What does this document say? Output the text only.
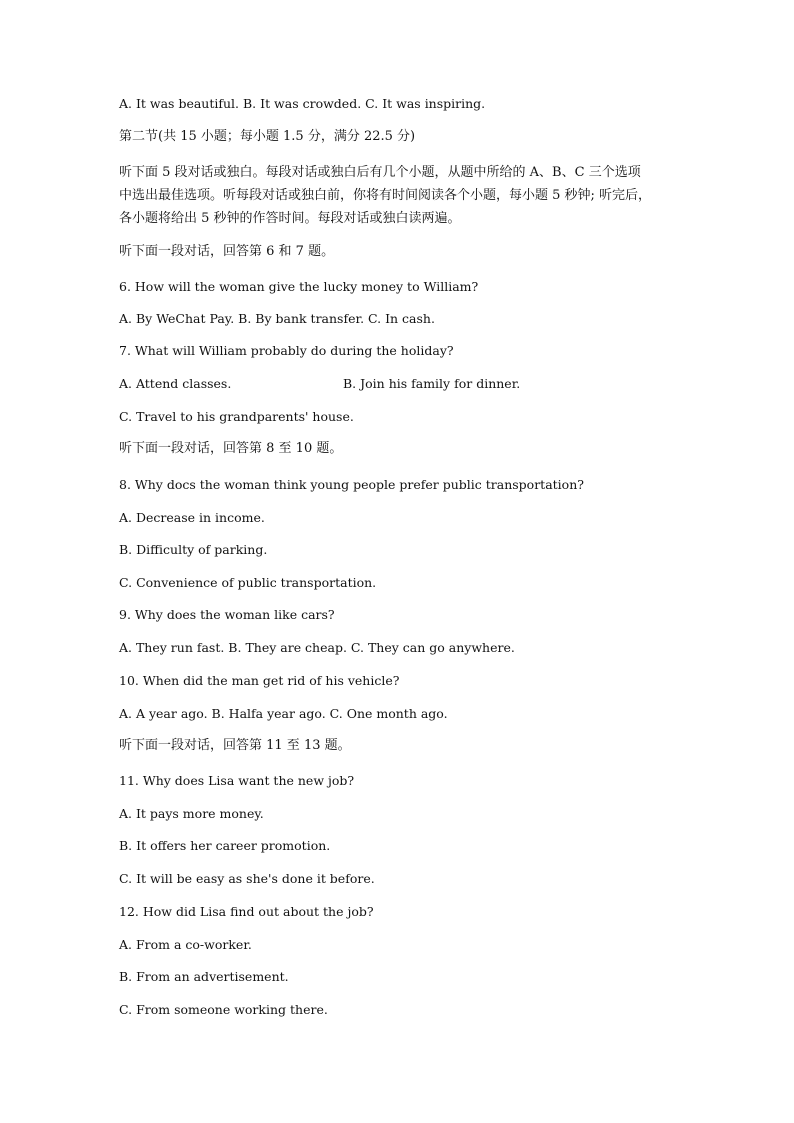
A. It was beautiful. B. It was crowded. C. It was inspiring.
第二节(共 15 小题；每小题 1.5 分，满分 22.5 分)
听下面 5 段对话或独白。每段对话或独白后有几个小题，从题中所给的 A、B、C 三个选项
中选出最佳选项。听每段对话或独白前，你将有时间阅读各个小题，每小题 5 秒钟; 听完后，
各小题将给出 5 秒钟的作答时间。每段对话或独白读两遍。
听下面一段对话，回答第 6 和 7 题。
6. How will the woman give the lucky money to William?
A. By WeChat Pay. B. By bank transfer. C. In cash.
7. What will William probably do during the holiday?
A. Attend classes.	B. Join his family for dinner.
C. Travel to his grandparents' house.
听下面一段对话，回答第 8 至 10 题。
8. Why docs the woman think young people prefer public transportation?
A. Decrease in income.
B. Difficulty of parking.
C. Convenience of public transportation.
9. Why does the woman like cars?
A. They run fast. B. They are cheap. C. They can go anywhere.
10. When did the man get rid of his vehicle?
A. A year ago. B. Halfa year ago. C. One month ago.
听下面一段对话，回答第 11 至 13 题。
11. Why does Lisa want the new job?
A. It pays more money.
B. It offers her career promotion.
C. It will be easy as she's done it before.
12. How did Lisa find out about the job?
A. From a co-worker.
B. From an advertisement.
C. From someone working there.
